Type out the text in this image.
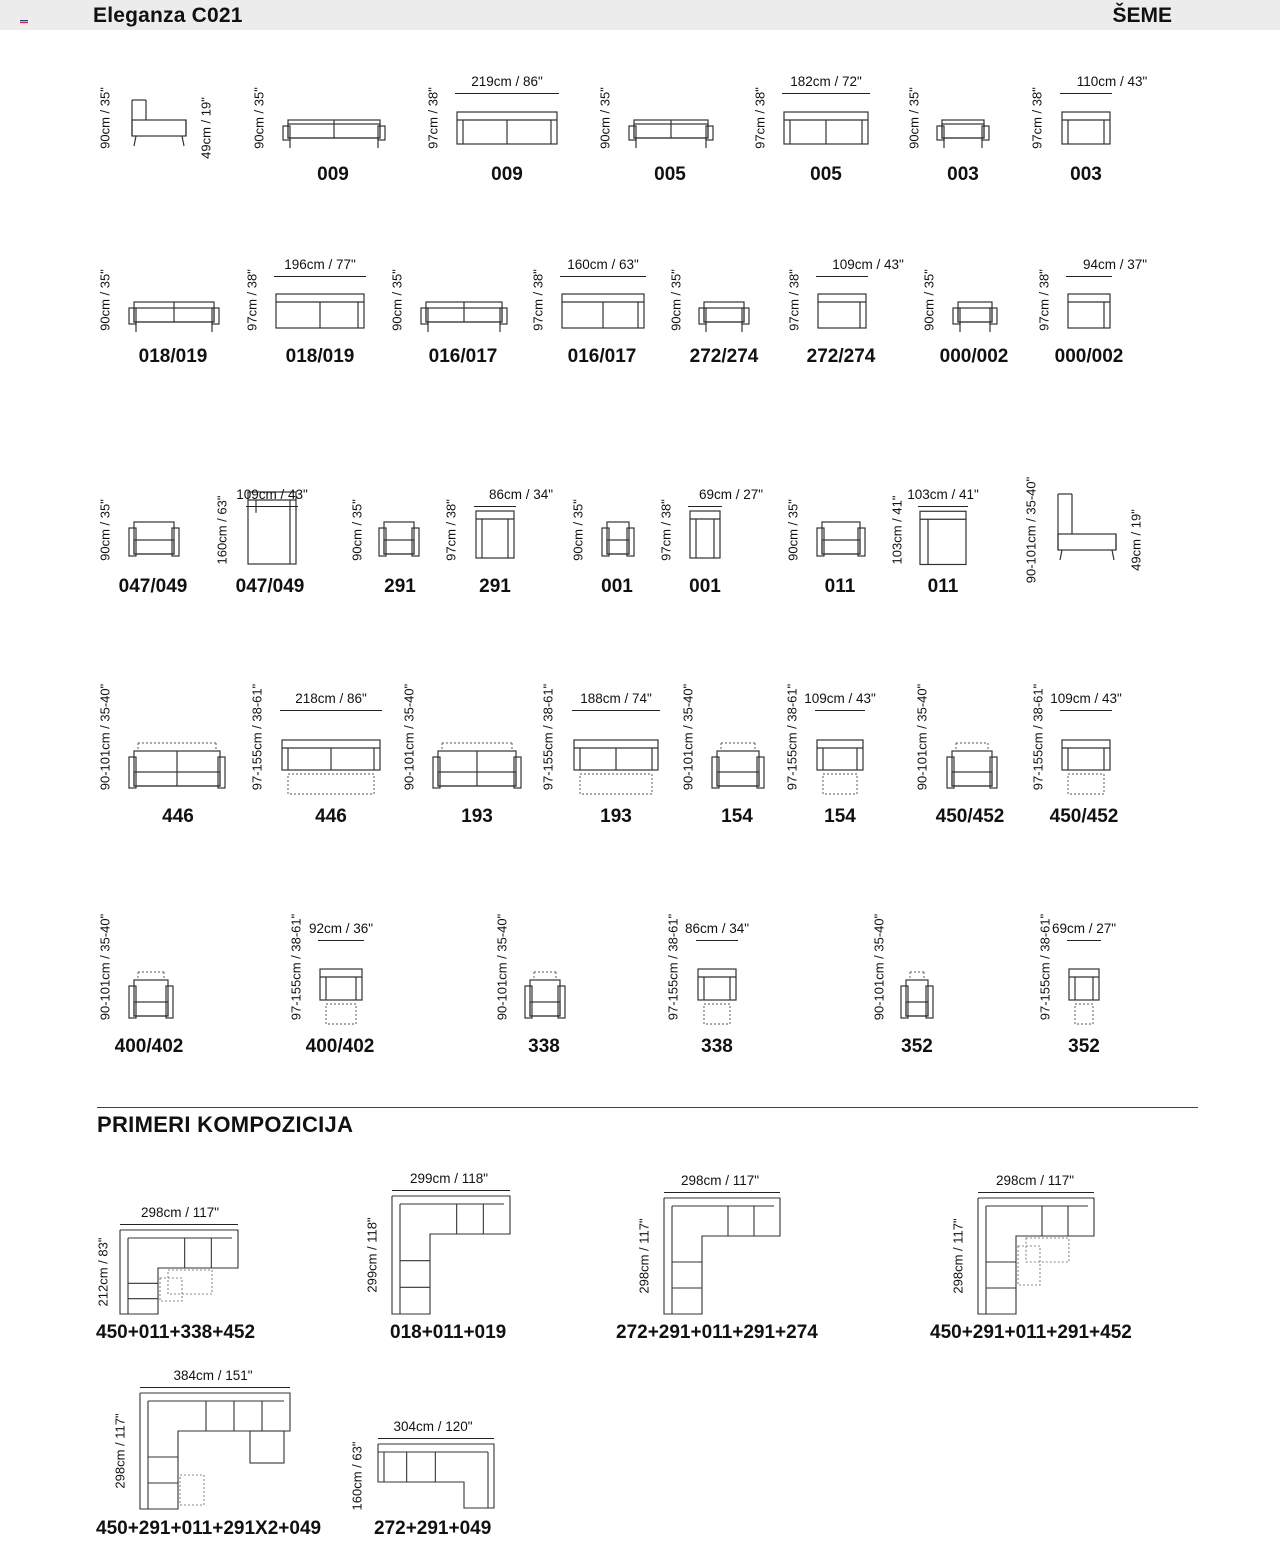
Eleganza C021	ŠEME
90cm / 35"	49cm / 19"	90cm / 35"
009
97cm / 38"
219cm / 86"
009
90cm / 35"
005
97cm / 38"
182cm / 72"
005
90cm / 35"
003
97cm / 38"
110cm / 43"
003
90cm / 35"
018/019
97cm / 38"
196cm / 77"
018/019
90cm / 35"
016/017
97cm / 38"
160cm / 63"
016/017
90cm / 35"
272/274
97cm / 38"
109cm / 43"
272/274
90cm / 35"
000/002
97cm / 38"
94cm / 37"
000/002
90cm / 35"
047/049
160cm / 63"
109cm / 43"
047/049
90cm / 35"
291
97cm / 38"
86cm / 34"
291
90cm / 35"
001
97cm / 38"
69cm / 27"
001
90cm / 35"
011
103cm / 41"
103cm / 41"
011
90-101cm / 35-40"	49cm / 19"
90-101cm / 35-40"
446
97-155cm / 38-61" 218cm / 86"
446
90-101cm / 35-40"
193
97-155cm / 38-61" 188cm / 74"
193
90-101cm / 35-40"
154
97-155cm / 38-61" 109cm / 43"
154
90-101cm / 35-40"
450/452
97-155cm / 38-61" 109cm / 43"
450/452
90-101cm / 35-40"
400/402
97-155cm / 38-61" 92cm / 36"
400/402
90-101cm / 35-40"
338
97-155cm / 38-61" 86cm / 34"
338
90-101cm / 35-40"
352
97-155cm / 38-61" 69cm / 27"
352
PRIMERI KOMPOZICIJA
298cm / 117"
212cm / 83"
450+011+338+452
299cm / 118"
299cm / 118"
018+011+019
298cm / 117"
298cm / 117"
272+291+011+291+274
298cm / 117"
298cm / 117"
450+291+011+291+452
384cm / 151"
298cm / 117"
450+291+011+291X2+049
304cm / 120"
160cm / 63"
272+291+049
